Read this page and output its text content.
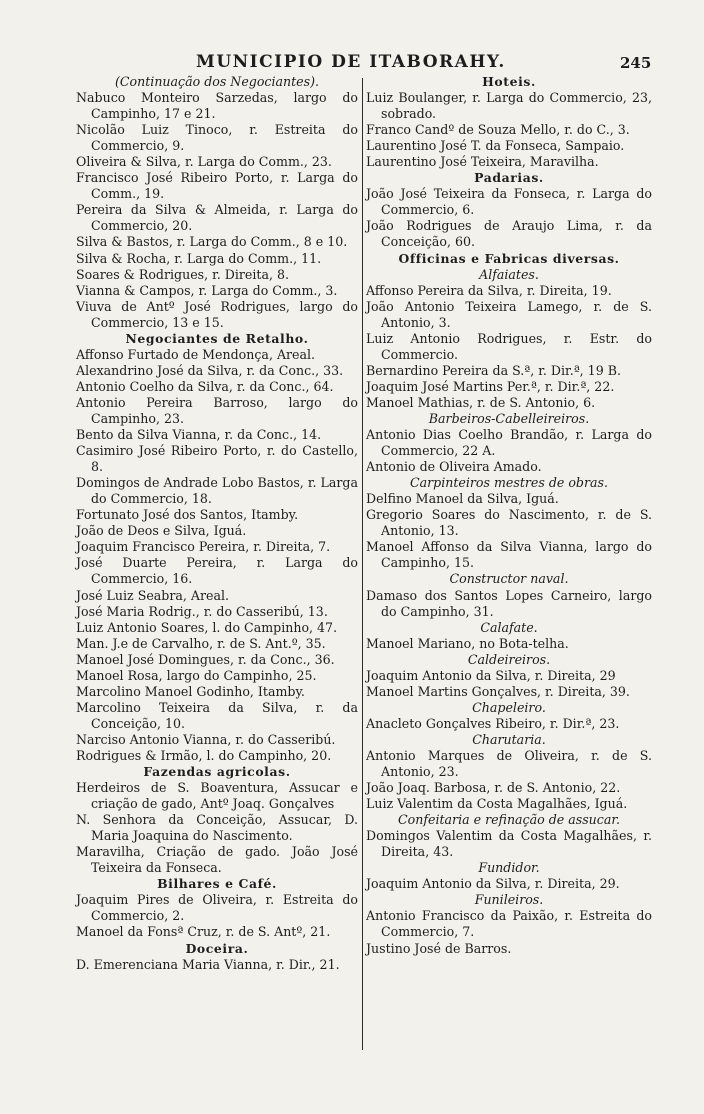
MUNICIPIO DE ITABORAHY.	245

(Continuação dos Negociantes).

Nabuco Monteiro Sarzedas, largo do Campinho, 17 e 21.

Nicolão Luiz Tinoco, r. Estreita do Commercio, 9.

Oliveira & Silva, r. Larga do Comm., 23.

Francisco José Ribeiro Porto, r. Larga do Comm., 19.

Pereira da Silva & Almeida, r. Larga do Commercio, 20.

Silva & Bastos, r. Larga do Comm., 8 e 10.

Silva & Rocha, r. Larga do Comm., 11.

Soares & Rodrigues, r. Direita, 8.

Vianna & Campos, r. Larga do Comm., 3.

Viuva de Antº José Rodrigues, largo do Commercio, 13 e 15.

Negociantes de Retalho.

Affonso Furtado de Mendonça, Areal.

Alexandrino José da Silva, r. da Conc., 33.

Antonio Coelho da Silva, r. da Conc., 64.

Antonio Pereira Barroso, largo do Campinho, 23.

Bento da Silva Vianna, r. da Conc., 14.

Casimiro José Ribeiro Porto, r. do Castello, 8.

Domingos de Andrade Lobo Bastos, r. Larga do Commercio, 18.

Fortunato José dos Santos, Itamby.

João de Deos e Silva, Iguá.

Joaquim Francisco Pereira, r. Direita, 7.

José Duarte Pereira, r. Larga do Commercio, 16.

José Luiz Seabra, Areal.

José Maria Rodrig., r. do Casseribú, 13.

Luiz Antonio Soares, l. do Campinho, 47.

Man. J.e de Carvalho, r. de S. Ant.º, 35.

Manoel José Domingues, r. da Conc., 36.

Manoel Rosa, largo do Campinho, 25.

Marcolino Manoel Godinho, Itamby.

Marcolino Teixeira da Silva, r. da Conceição, 10.

Narciso Antonio Vianna, r. do Casseribú.

Rodrigues & Irmão, l. do Campinho, 20.

Fazendas agricolas.

Herdeiros de S. Boaventura, Assucar e criação de gado, Antº Joaq. Gonçalves

N. Senhora da Conceição, Assucar, D. Maria Joaquina do Nascimento.

Maravilha, Criação de gado. João José Teixeira da Fonseca.

Bilhares e Café.

Joaquim Pires de Oliveira, r. Estreita do Commercio, 2.

Manoel da Fonsª Cruz, r. de S. Antº, 21.

Doceira.

D. Emerenciana Maria Vianna, r. Dir., 21.

Hoteis.

Luiz Boulanger, r. Larga do Commercio, 23, sobrado.

Franco Candº de Souza Mello, r. do C., 3.

Laurentino José T. da Fonseca, Sampaio.

Laurentino José Teixeira, Maravilha.

Padarias.

João José Teixeira da Fonseca, r. Larga do Commercio, 6.

João Rodrigues de Araujo Lima, r. da Conceição, 60.

Officinas e Fabricas diversas.

Alfaiates.

Affonso Pereira da Silva, r. Direita, 19.

João Antonio Teixeira Lamego, r. de S. Antonio, 3.

Luiz Antonio Rodrigues, r. Estr. do Commercio.

Bernardino Pereira da S.ª, r. Dir.ª, 19 B.

Joaquim José Martins Per.ª, r. Dir.ª, 22.

Manoel Mathias, r. de S. Antonio, 6.

Barbeiros-Cabelleireiros.

Antonio Dias Coelho Brandão, r. Larga do Commercio, 22 A.

Antonio de Oliveira Amado.

Carpinteiros mestres de obras.

Delfino Manoel da Silva, Iguá.

Gregorio Soares do Nascimento, r. de S. Antonio, 13.

Manoel Affonso da Silva Vianna, largo do Campinho, 15.

Constructor naval.

Damaso dos Santos Lopes Carneiro, largo do Campinho, 31.

Calafate.

Manoel Mariano, no Bota-telha.

Caldeireiros.

Joaquim Antonio da Silva, r. Direita, 29

Manoel Martins Gonçalves, r. Direita, 39.

Chapeleiro.

Anacleto Gonçalves Ribeiro, r. Dir.ª, 23.

Charutaria.

Antonio Marques de Oliveira, r. de S. Antonio, 23.

João Joaq. Barbosa, r. de S. Antonio, 22.

Luiz Valentim da Costa Magalhães, Iguá.

Confeitaria e refinação de assucar.

Domingos Valentim da Costa Magalhães, r. Direita, 43.

Fundidor.

Joaquim Antonio da Silva, r. Direita, 29.

Funileiros.

Antonio Francisco da Paixão, r. Estreita do Commercio, 7.

Justino José de Barros.
